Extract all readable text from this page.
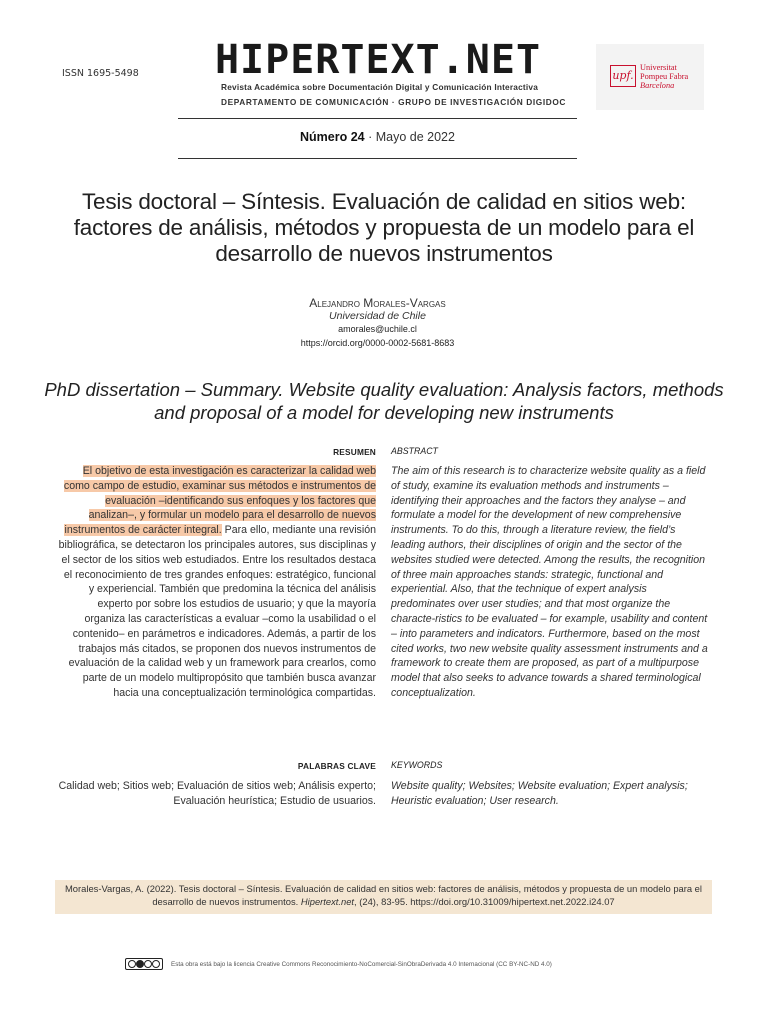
ISSN 1695-5498	HIPERTEXT.NET
Revista Académica sobre Documentación Digital y Comunicación Interactiva
DEPARTAMENTO DE COMUNICACIÓN · GRUPO DE INVESTIGACIÓN DIGIDOC
upf.
Universitat
Pompeu Fabra
Barcelona
Número 24 · Mayo de 2022
Tesis doctoral – Síntesis. Evaluación de calidad en sitios web: factores de análisis, métodos y propuesta de un modelo para el desarrollo de nuevos instrumentos
Alejandro Morales-Vargas
Universidad de Chile
amorales@uchile.cl
https://orcid.org/0000-0002-5681-8683
PhD dissertation – Summary. Website quality evaluation: Analysis factors, methods and proposal of a model for developing new instruments
RESUMEN ABSTRACT
El objetivo de esta investigación es caracterizar la calidad web como campo de estudio, examinar sus métodos e instrumentos de evaluación –identificando sus enfoques y los factores que analizan–, y formular un modelo para el desarrollo de nuevos instrumentos de carácter integral. Para ello, mediante una revisión bibliográfica, se detectaron los principales autores, sus disciplinas y el sector de los sitios web estudiados. Entre los resultados destaca el reconocimiento de tres grandes enfoques: estratégico, funcional y experiencial. También que predomina la técnica del análisis experto por sobre los estudios de usuario; y que la mayoría organiza las características a evaluar –como la usabilidad o el contenido– en parámetros e indicadores. Además, a partir de los trabajos más citados, se proponen dos nuevos instrumentos de evaluación de la calidad web y un framework para crearlos, como parte de un modelo multipropósito que también busca avanzar hacia una conceptualización terminológica compartidas.
The aim of this research is to characterize website quality as a field of study, examine its evaluation methods and instruments – identifying their approaches and the factors they analyse – and formulate a model for the development of new comprehensive instruments. To do this, through a literature review, the field’s leading authors, their disciplines of origin and the sector of the websites studied were detected. Among the results, the recognition of three main approaches stands: strategic, functional and experiential. Also, that the technique of expert analysis predominates over user studies; and that most organize the characte-ristics to be evaluated – for example, usability and content – into parameters and indicators. Furthermore, based on the most cited works, two new website quality assessment instruments and a framework to create them are proposed, as part of a multipurpose model that also seeks to advance towards a shared terminological conceptualization.
PALABRAS CLAVE KEYWORDS
Calidad web; Sitios web; Evaluación de sitios web; Análisis experto; Evaluación heurística; Estudio de usuarios.
Website quality; Websites; Website evaluation; Expert analysis; Heuristic evaluation; User research.
Morales-Vargas, A. (2022). Tesis doctoral – Síntesis. Evaluación de calidad en sitios web: factores de análisis, métodos y propuesta de un modelo para el desarrollo de nuevos instrumentos. Hipertext.net, (24), 83-95. https://doi.org/10.31009/hipertext.net.2022.i24.07
Esta obra está bajo la licencia Creative Commons Reconocimiento-NoComercial-SinObraDerivada 4.0 Internacional (CC BY-NC-ND 4.0)
